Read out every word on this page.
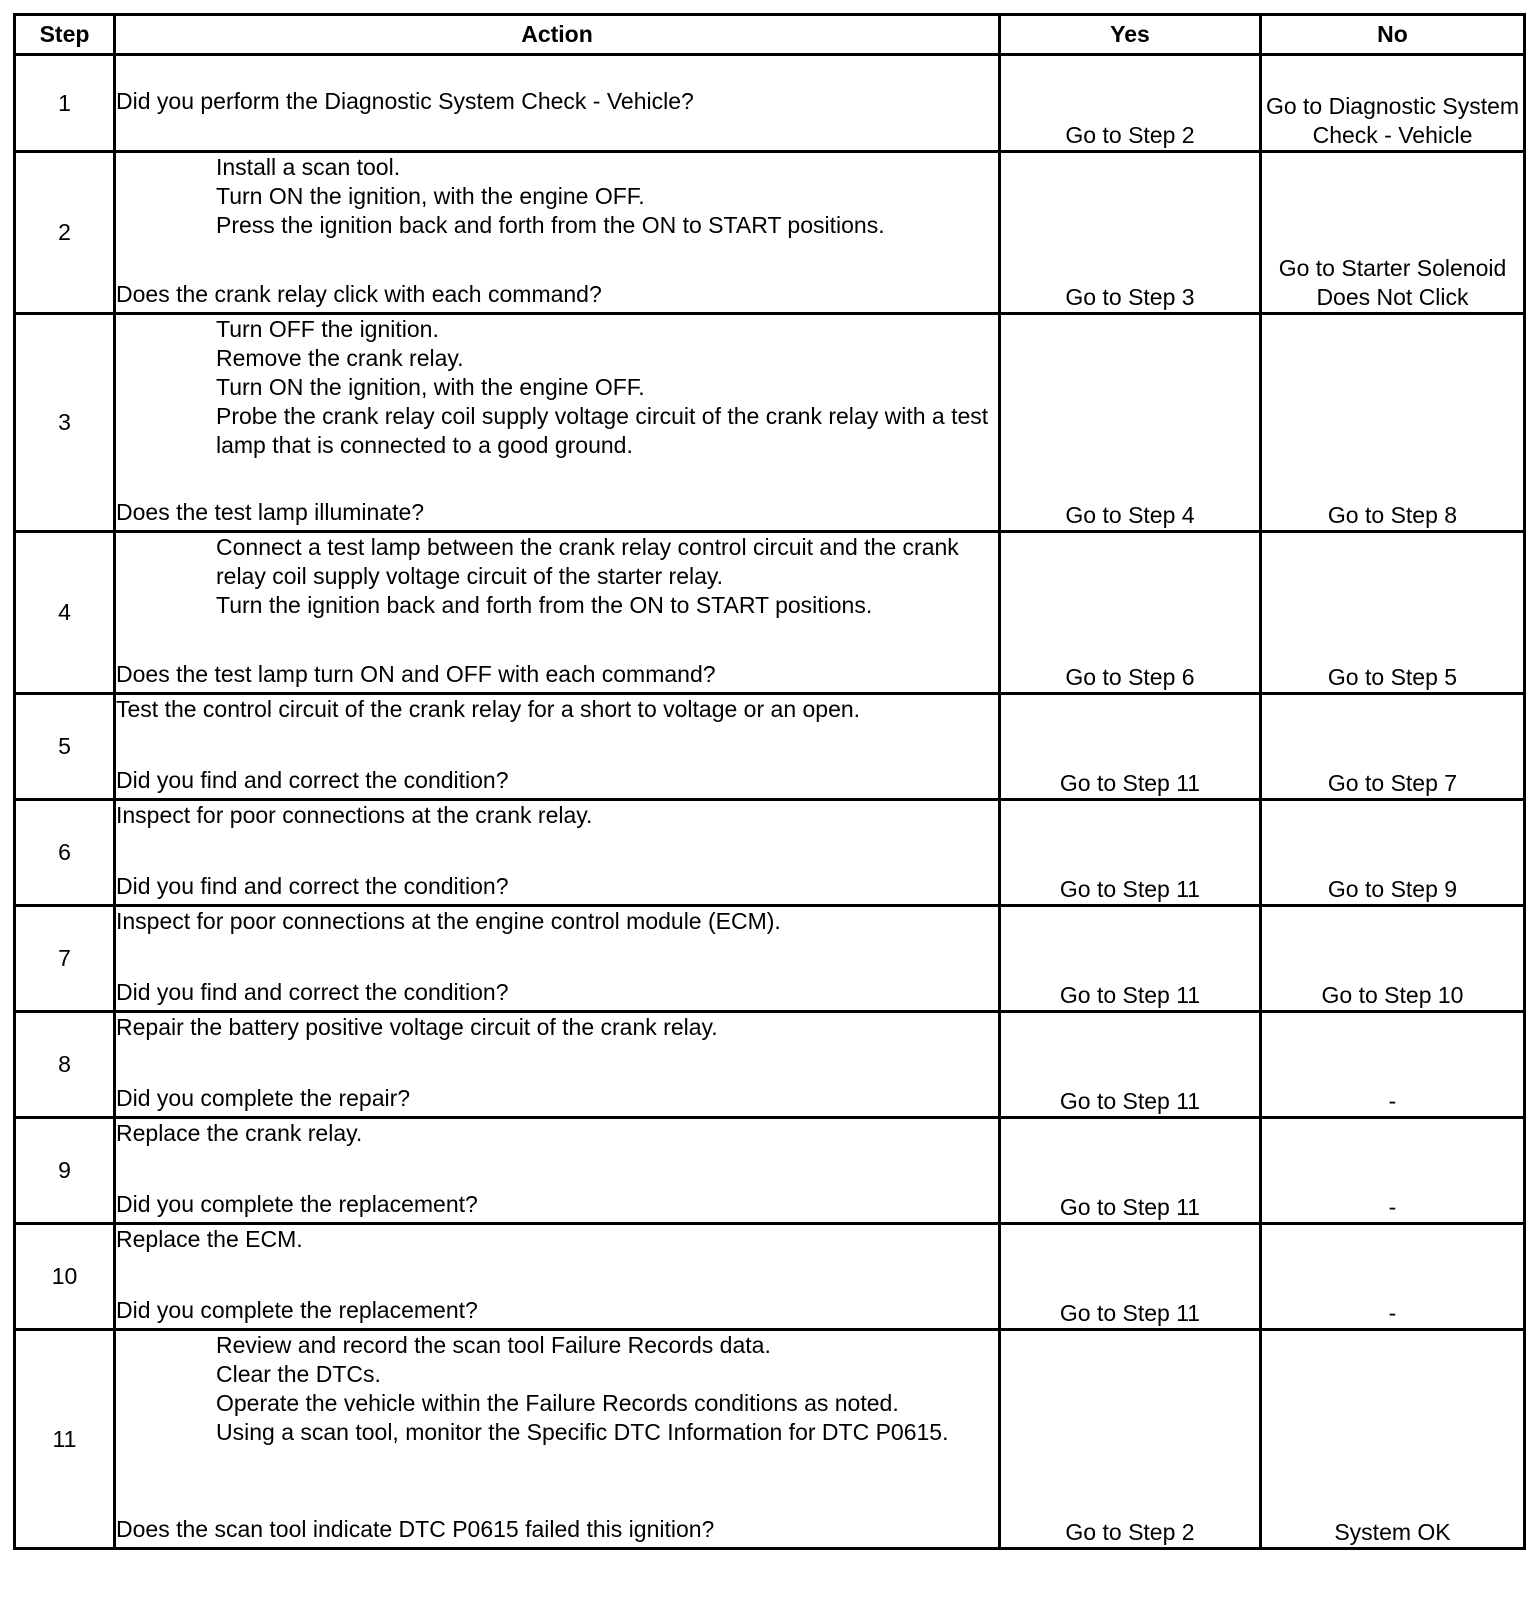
Step	Action	Yes	No
1	Did you perform the Diagnostic System Check - Vehicle?	Go to Step 2	Go to Diagnostic System Check - Vehicle
2	Install a scan tool.
Turn ON the ignition, with the engine OFF.
Press the ignition back and forth from the ON to START positions.
Does the crank relay click with each command?	Go to Step 3	Go to Starter Solenoid Does Not Click
3	Turn OFF the ignition.
Remove the crank relay.
Turn ON the ignition, with the engine OFF.
Probe the crank relay coil supply voltage circuit of the crank relay with a test lamp that is connected to a good ground.
Does the test lamp illuminate?	Go to Step 4	Go to Step 8
4	Connect a test lamp between the crank relay control circuit and the crank relay coil supply voltage circuit of the starter relay.
Turn the ignition back and forth from the ON to START positions.
Does the test lamp turn ON and OFF with each command?	Go to Step 6	Go to Step 5
5	Test the control circuit of the crank relay for a short to voltage or an open.
Did you find and correct the condition?	Go to Step 11	Go to Step 7
6	Inspect for poor connections at the crank relay.
Did you find and correct the condition?	Go to Step 11	Go to Step 9
7	Inspect for poor connections at the engine control module (ECM).
Did you find and correct the condition?	Go to Step 11	Go to Step 10
8	Repair the battery positive voltage circuit of the crank relay.
Did you complete the repair?	Go to Step 11	-
9	Replace the crank relay.
Did you complete the replacement?	Go to Step 11	-
10	Replace the ECM.
Did you complete the replacement?	Go to Step 11	-
11	Review and record the scan tool Failure Records data.
Clear the DTCs.
Operate the vehicle within the Failure Records conditions as noted.
Using a scan tool, monitor the Specific DTC Information for DTC P0615.
Does the scan tool indicate DTC P0615 failed this ignition?	Go to Step 2	System OK
